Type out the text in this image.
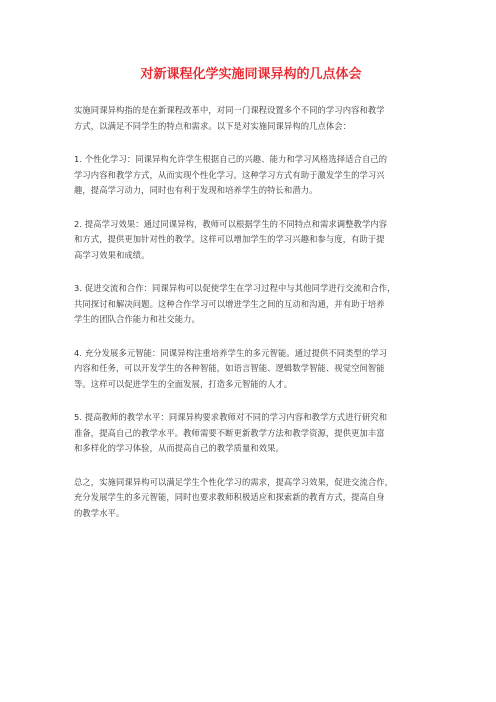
对新课程化学实施同课异构的几点体会

实施同课异构指的是在新课程改革中，对同一门课程设置多个不同的学习内容和教学
方式，以满足不同学生的特点和需求。以下是对实施同课异构的几点体会：

1. 个性化学习：同课异构允许学生根据自己的兴趣、能力和学习风格选择适合自己的
学习内容和教学方式，从而实现个性化学习。这种学习方式有助于激发学生的学习兴
趣，提高学习动力，同时也有利于发现和培养学生的特长和潜力。

2. 提高学习效果：通过同课异构，教师可以根据学生的不同特点和需求调整教学内容
和方式，提供更加针对性的教学。这样可以增加学生的学习兴趣和参与度，有助于提
高学习效果和成绩。

3. 促进交流和合作：同课异构可以促使学生在学习过程中与其他同学进行交流和合作，
共同探讨和解决问题。这种合作学习可以增进学生之间的互动和沟通，并有助于培养
学生的团队合作能力和社交能力。

4. 充分发展多元智能：同课异构注重培养学生的多元智能。通过提供不同类型的学习
内容和任务，可以开发学生的各种智能，如语言智能、逻辑数学智能、视觉空间智能
等。这样可以促进学生的全面发展，打造多元智能的人才。

5. 提高教师的教学水平：同课异构要求教师对不同的学习内容和教学方式进行研究和
准备，提高自己的教学水平。教师需要不断更新教学方法和教学资源，提供更加丰富
和多样化的学习体验，从而提高自己的教学质量和效果。

总之，实施同课异构可以满足学生个性化学习的需求，提高学习效果，促进交流合作，
充分发展学生的多元智能，同时也要求教师积极适应和探索新的教育方式，提高自身
的教学水平。
